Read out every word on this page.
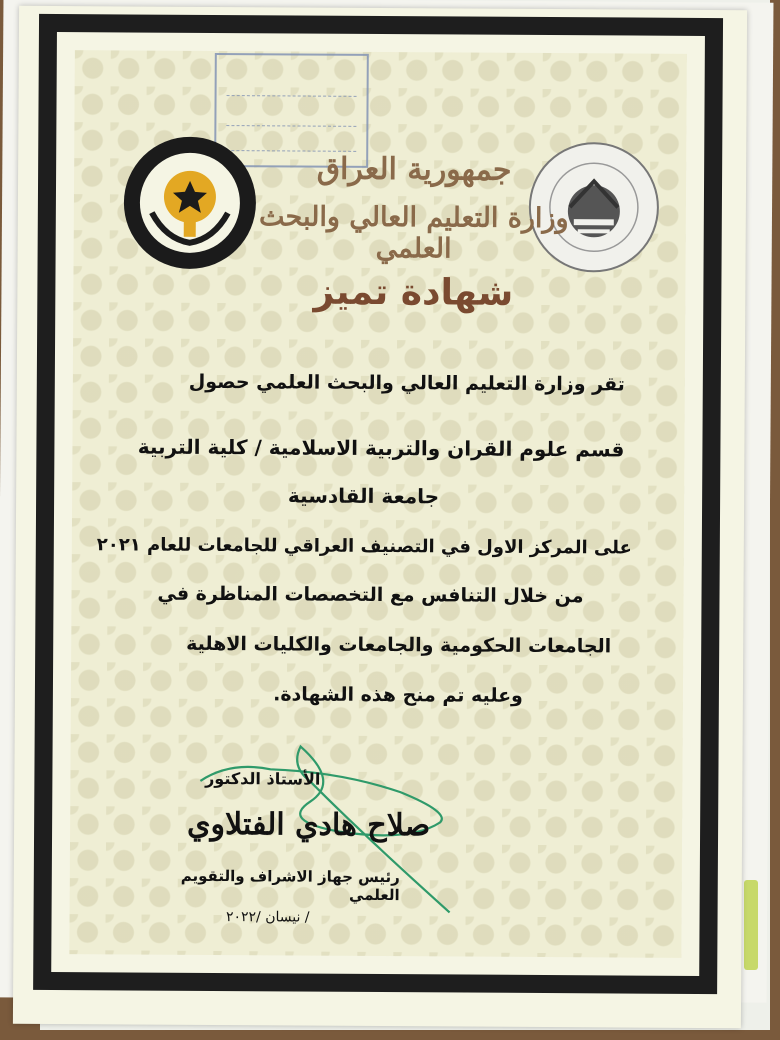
جمهورية العراق
وزارة التعليم العالي والبحث العلمي
شهادة تميز
تقر وزارة التعليم العالي والبحث العلمي حصول
قسم علوم القران والتربية الاسلامية / كلية التربية
جامعة القادسية
على المركز الاول في التصنيف العراقي للجامعات للعام ٢٠٢١
من خلال التنافس مع التخصصات المناظرة في
الجامعات الحكومية والجامعات والكليات الاهلية
وعليه تم منح هذه الشهادة.
الأستاذ الدكتور
صلاح هادي الفتلاوي
رئيس جهاز الاشراف والتقويم العلمي
/ نيسان /٢٠٢٢
